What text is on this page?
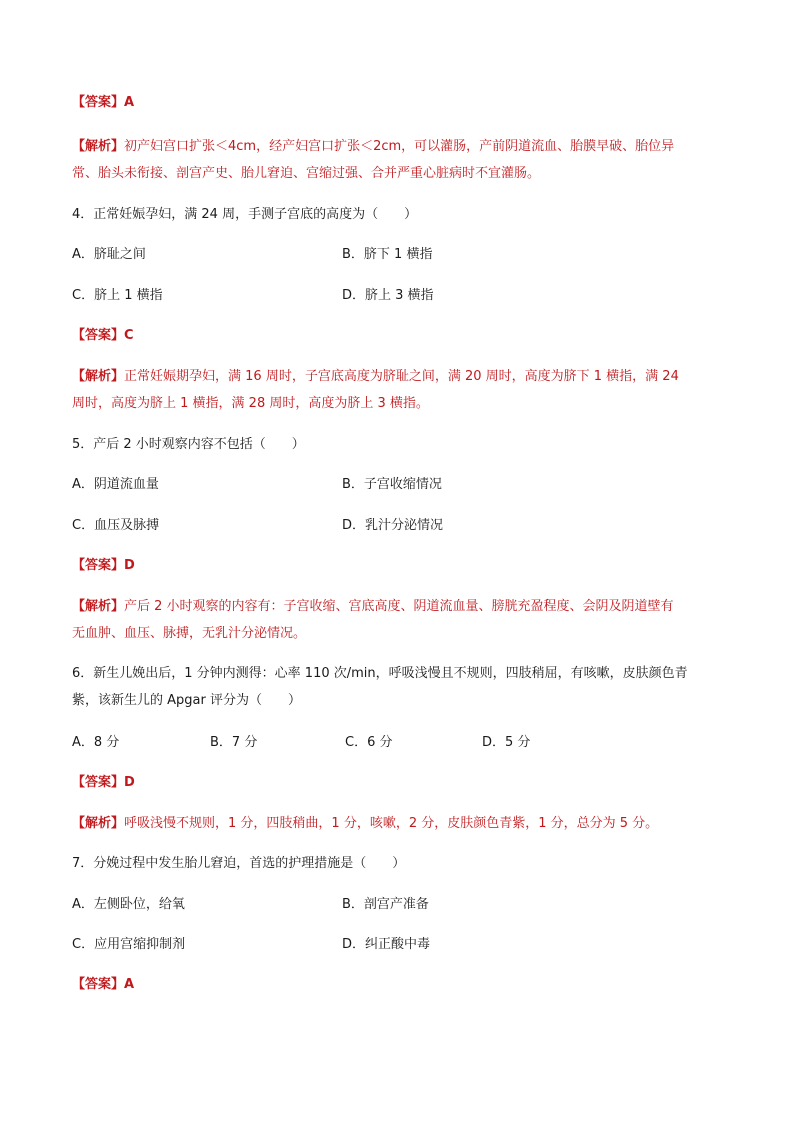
【答案】A
【解析】初产妇宫口扩张＜4cm，经产妇宫口扩张＜2cm，可以灌肠，产前阴道流血、胎膜早破、胎位异
常、胎头未衔接、剖宫产史、胎儿窘迫、宫缩过强、合并严重心脏病时不宜灌肠。
4．正常妊娠孕妇，满 24 周，手测子宫底的高度为（　　）
A．脐耻之间	B．脐下 1 横指
C．脐上 1 横指	D．脐上 3 横指
【答案】C
【解析】正常妊娠期孕妇，满 16 周时，子宫底高度为脐耻之间，满 20 周时，高度为脐下 1 横指，满 24
周时，高度为脐上 1 横指，满 28 周时，高度为脐上 3 横指。
5．产后 2 小时观察内容不包括（　　）
A．阴道流血量	B．子宫收缩情况
C．血压及脉搏	D．乳汁分泌情况
【答案】D
【解析】产后 2 小时观察的内容有：子宫收缩、宫底高度、阴道流血量、膀胱充盈程度、会阴及阴道壁有
无血肿、血压、脉搏，无乳汁分泌情况。
6．新生儿娩出后，1 分钟内测得：心率 110 次/min，呼吸浅慢且不规则，四肢稍屈，有咳嗽，皮肤颜色青
紫，该新生儿的 Apgar 评分为（　　）
A．8 分	B．7 分	C．6 分	D．5 分
【答案】D
【解析】呼吸浅慢不规则，1 分，四肢稍曲，1 分，咳嗽，2 分，皮肤颜色青紫，1 分，总分为 5 分。
7．分娩过程中发生胎儿窘迫，首选的护理措施是（　　）
A．左侧卧位，给氧	B．剖宫产准备
C．应用宫缩抑制剂	D．纠正酸中毒
【答案】A
